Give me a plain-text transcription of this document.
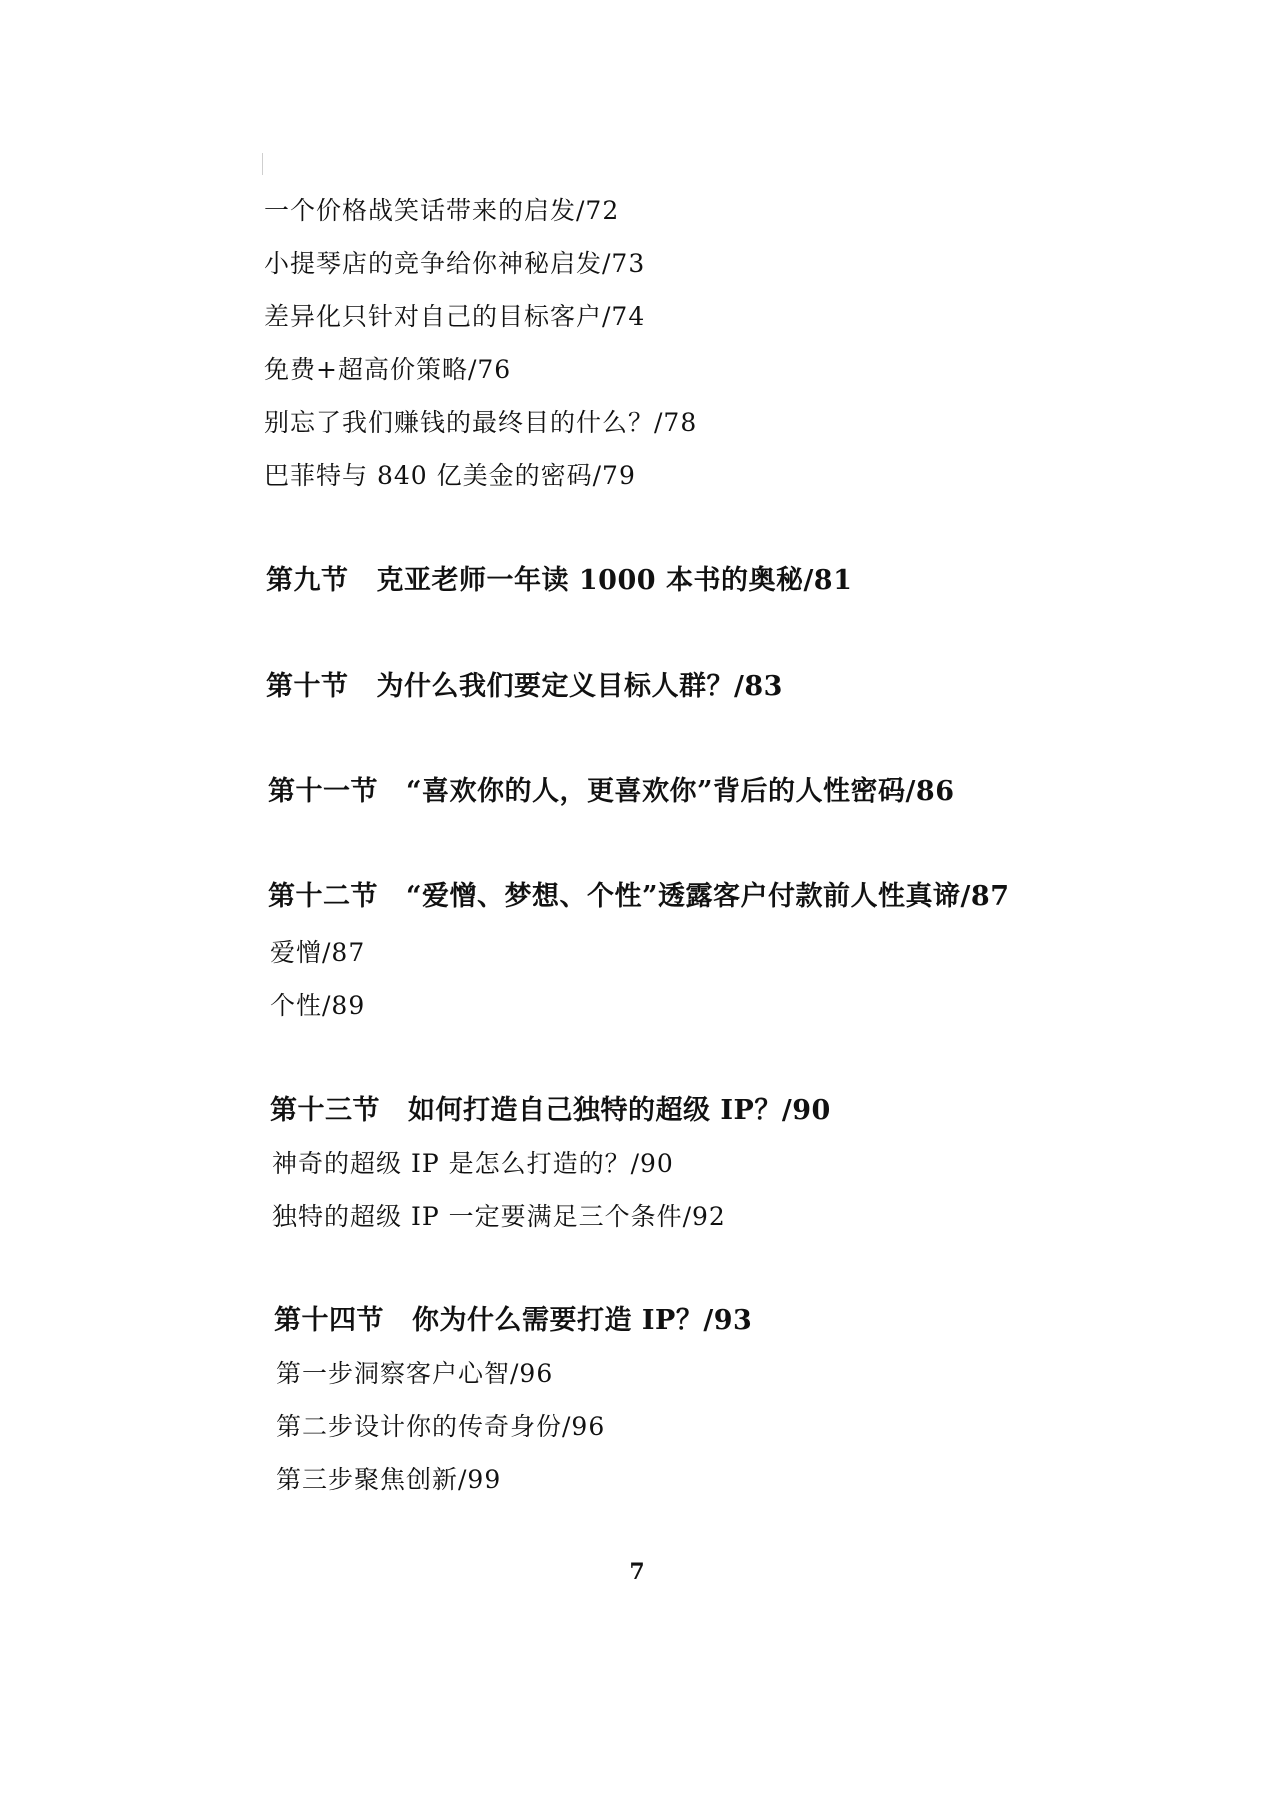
一个价格战笑话带来的启发/72
小提琴店的竞争给你神秘启发/73
差异化只针对自己的目标客户/74
免费+超高价策略/76
别忘了我们赚钱的最终目的什么？/78
巴菲特与 840 亿美金的密码/79
第九节 克亚老师一年读 1000 本书的奥秘/81
第十节 为什么我们要定义目标人群？/83
第十一节 “喜欢你的人，更喜欢你”背后的人性密码/86
第十二节 “爱憎、梦想、个性”透露客户付款前人性真谛/87
爱憎/87
个性/89
第十三节 如何打造自己独特的超级 IP？/90
神奇的超级 IP 是怎么打造的？/90
独特的超级 IP 一定要满足三个条件/92
第十四节 你为什么需要打造 IP？/93
第一步洞察客户心智/96
第二步设计你的传奇身份/96
第三步聚焦创新/99
7
